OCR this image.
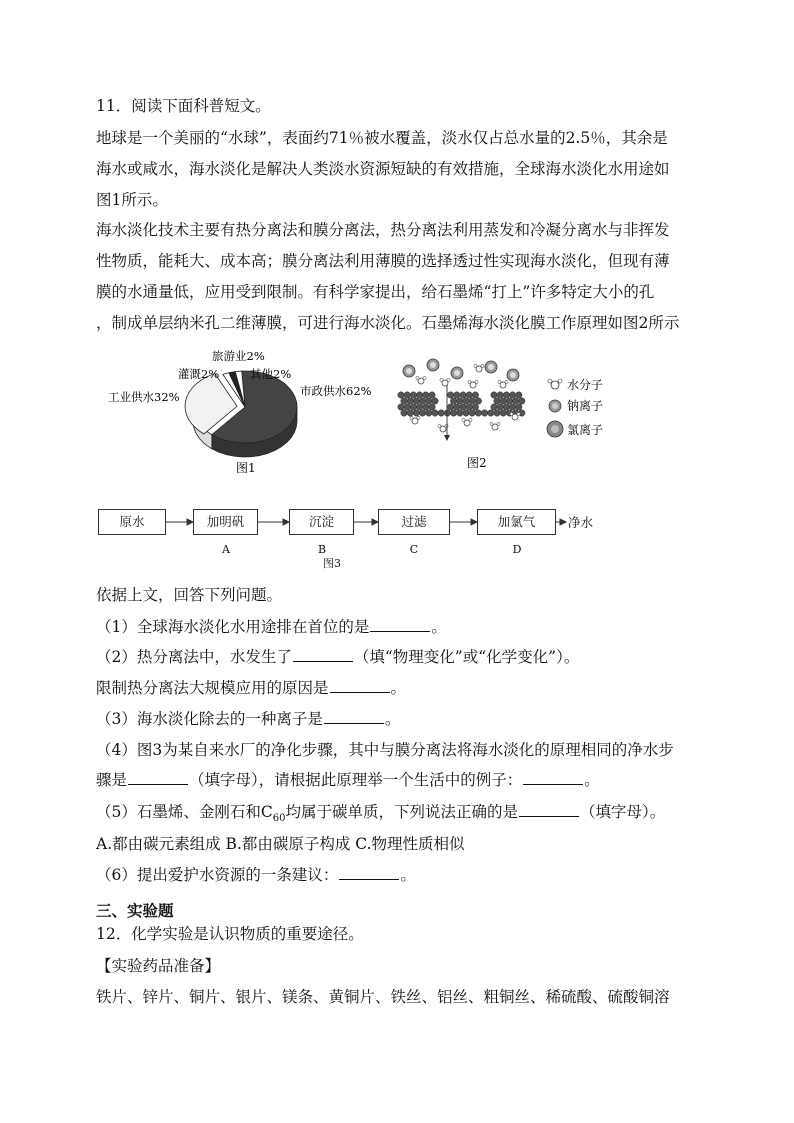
11．阅读下面科普短文。
地球是一个美丽的“水球”，表面约71％被水覆盖，淡水仅占总水量的2.5％，其余是
海水或咸水，海水淡化是解决人类淡水资源短缺的有效措施，全球海水淡化水用途如
图1所示。
海水淡化技术主要有热分离法和膜分离法，热分离法利用蒸发和冷凝分离水与非挥发
性物质，能耗大、成本高；膜分离法利用薄膜的选择透过性实现海水淡化，但现有薄
膜的水通量低，应用受到限制。有科学家提出，给石墨烯“打上”许多特定大小的孔
，制成单层纳米孔二维薄膜，可进行海水淡化。石墨烯海水淡化膜工作原理如图2所示
市政供水62%
工业供水32%
灌溉2%
旅游业2%
其他2%
图1
水分子
钠离子
氯离子
图2
原水	加明矾	沉淀	过滤	加氯气	净水
A	B	C	D
图3
依据上文，回答下列问题。
（1）全球海水淡化水用途排在首位的是	。
（2）热分离法中，水发生了	（填“物理变化”或“化学变化”）。
限制热分离法大规模应用的原因是	。
（3）海水淡化除去的一种离子是	。
（4）图3为某自来水厂的净化步骤，其中与膜分离法将海水淡化的原理相同的净水步
骤是	（填字母），请根据此原理举一个生活中的例子：	。
（5）石墨烯、金刚石和$C_{60}$均属于碳单质，下列说法正确的是	（填字母）。
A.都由碳元素组成 B.都由碳原子构成 C.物理性质相似
（6）提出爱护水资源的一条建议：	。
三、实验题
12．化学实验是认识物质的重要途径。
【实验药品准备】
铁片、锌片、铜片、银片、镁条、黄铜片、铁丝、铝丝、粗铜丝、稀硫酸、硫酸铜溶
